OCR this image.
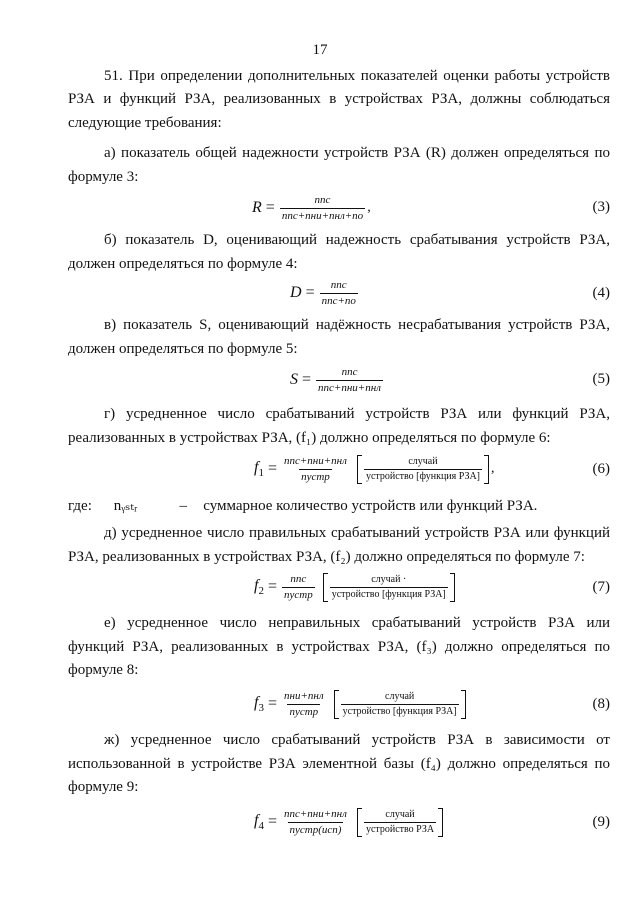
17
51. При определении дополнительных показателей оценки работы устройств
РЗА и функций РЗА, реализованных в устройствах РЗА, должны соблюдаться следующие требования:
а) показатель общей надежности устройств РЗА (R) должен определяться по формуле 3:
$R = \frac{\text{nпс}}{\text{nпс+nни+nнл+nо}}$ ,	(3)
б) показатель D, оценивающий надежность срабатывания устройств РЗА, должен определяться по формуле 4:
$D = \frac{\text{nпс}}{\text{nпс+nо}}$	(4)
в) показатель S, оценивающий надёжность несрабатывания устройств РЗА, должен определяться по формуле 5:
$S = \frac{\text{nпс}}{\text{nпс+nни+nнл}}$	(5)
г) усредненное число срабатываний устройств РЗА или функций РЗА, реализованных в устройствах РЗА, (f₁) должно определяться по формуле 6:
$f_1 = \frac{\text{nпс+nни+nнл}}{\text{nустр}} \frac{\text{случай}}{\text{устройство [функция РЗА]}}$ ,	(6)
где: nᵧₛₜᵣ	– суммарное количество устройств или функций РЗА.
д) усредненное число правильных срабатываний устройств РЗА или функций РЗА, реализованных в устройствах РЗА, (f₂) должно определяться по формуле 7:
$f_2 = \frac{\text{nпс}}{\text{nустр}} \frac{\text{случай ·}}{\text{устройство [функция РЗА]}}$	(7)
е) усредненное число неправильных срабатываний устройств РЗА или функций РЗА, реализованных в устройствах РЗА, (f₃) должно определяться по формуле 8:
$f_3 = \frac{\text{nни+nнл}}{\text{nустр}} \frac{\text{случай}}{\text{устройство [функция РЗА]}}$	(8)
ж) усредненное число срабатываний устройств РЗА в зависимости от использованной в устройстве РЗА элементной базы (f₄) должно определяться по формуле 9:
$f_4 = \frac{\text{nпс+nни+nнл}}{\text{nустр(исп)}} \frac{\text{случай}}{\text{устройство РЗА}}$	(9)
